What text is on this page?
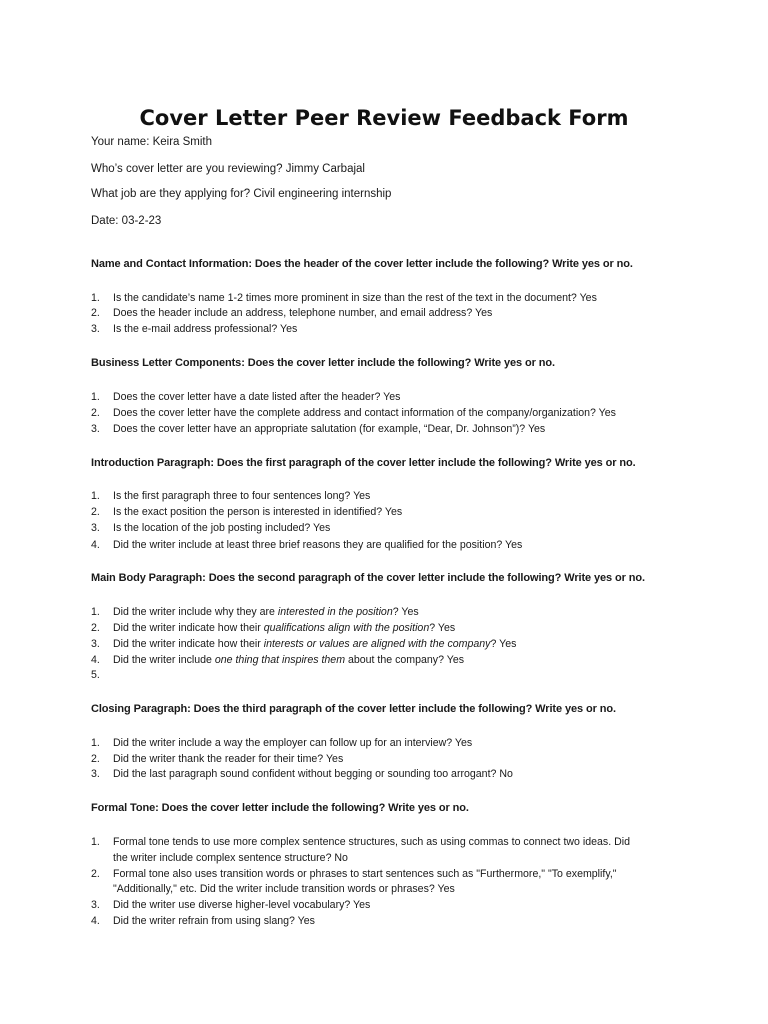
Cover Letter Peer Review Feedback Form
Your name: Keira Smith
Who’s cover letter are you reviewing? Jimmy Carbajal
What job are they applying for? Civil engineering internship
Date: 03-2-23
Name and Contact Information: Does the header of the cover letter include the following? Write yes or no.
1.	Is the candidate’s name 1-2 times more prominent in size than the rest of the text in the document? Yes
2.	Does the header include an address, telephone number, and email address? Yes
3.	Is the e-mail address professional? Yes
Business Letter Components: Does the cover letter include the following? Write yes or no.
1.	Does the cover letter have a date listed after the header? Yes
2.	Does the cover letter have the complete address and contact information of the company/organization? Yes
3.	Does the cover letter have an appropriate salutation (for example, “Dear, Dr. Johnson”)? Yes
Introduction Paragraph: Does the first paragraph of the cover letter include the following? Write yes or no.
1.	Is the first paragraph three to four sentences long? Yes
2.	Is the exact position the person is interested in identified? Yes
3.	Is the location of the job posting included? Yes
4.	Did the writer include at least three brief reasons they are qualified for the position? Yes
Main Body Paragraph: Does the second paragraph of the cover letter include the following? Write yes or no.
1.	Did the writer include why they are interested in the position? Yes
2.	Did the writer indicate how their qualifications align with the position? Yes
3.	Did the writer indicate how their interests or values are aligned with the company? Yes
4.	Did the writer include one thing that inspires them about the company? Yes
5.
Closing Paragraph: Does the third paragraph of the cover letter include the following? Write yes or no.
1.	Did the writer include a way the employer can follow up for an interview? Yes
2.	Did the writer thank the reader for their time? Yes
3.	Did the last paragraph sound confident without begging or sounding too arrogant? No
Formal Tone: Does the cover letter include the following? Write yes or no.
1.	Formal tone tends to use more complex sentence structures, such as using commas to connect two ideas. Did
the writer include complex sentence structure? No
2.	Formal tone also uses transition words or phrases to start sentences such as "Furthermore," "To exemplify,"
"Additionally," etc. Did the writer include transition words or phrases? Yes
3.	Did the writer use diverse higher-level vocabulary? Yes
4.	Did the writer refrain from using slang? Yes
